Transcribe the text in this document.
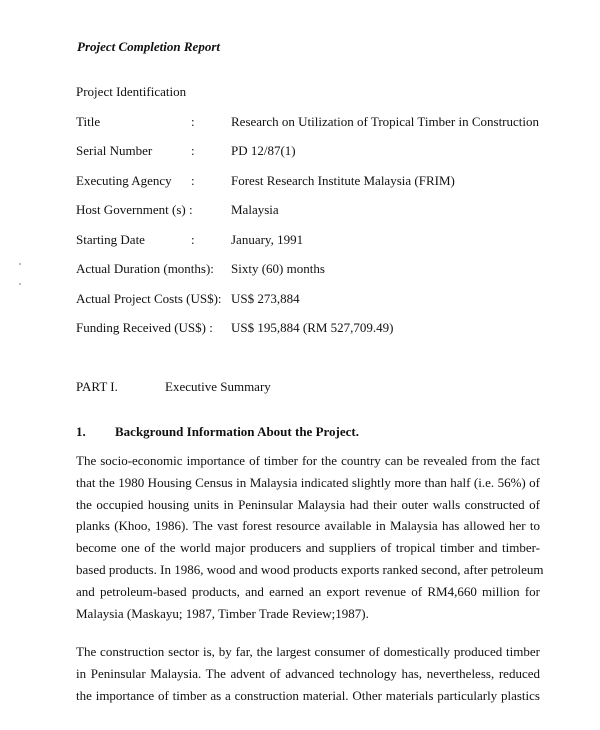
Project Completion Report
Project Identification
Title	:	Research on Utilization of Tropical Timber in Construction
Serial Number	:	PD 12/87(1)
Executing Agency :	Forest Research Institute Malaysia (FRIM)
Host Government (s) :	Malaysia
Starting Date	:	January, 1991
Actual Duration (months): Sixty (60) months
Actual Project Costs (US$): US$ 273,884
Funding Received (US$) : US$ 195,884 (RM 527,709.49)
PART I.	Executive Summary
1. Background Information About the Project.
The socio-economic importance of timber for the country can be revealed from the fact
that the 1980 Housing Census in Malaysia indicated slightly more than half (i.e. 56%) of
the occupied housing units in Peninsular Malaysia had their outer walls constructed of
planks (Khoo, 1986). The vast forest resource available in Malaysia has allowed her to
become one of the world major producers and suppliers of tropical timber and timber-
based products. In 1986, wood and wood products exports ranked second, after petroleum
and petroleum-based products, and earned an export revenue of RM4,660 million for
Malaysia (Maskayu; 1987, Timber Trade Review;1987).
The construction sector is, by far, the largest consumer of domestically produced timber
in Peninsular Malaysia. The advent of advanced technology has, nevertheless, reduced
the importance of timber as a construction material. Other materials particularly plastics
